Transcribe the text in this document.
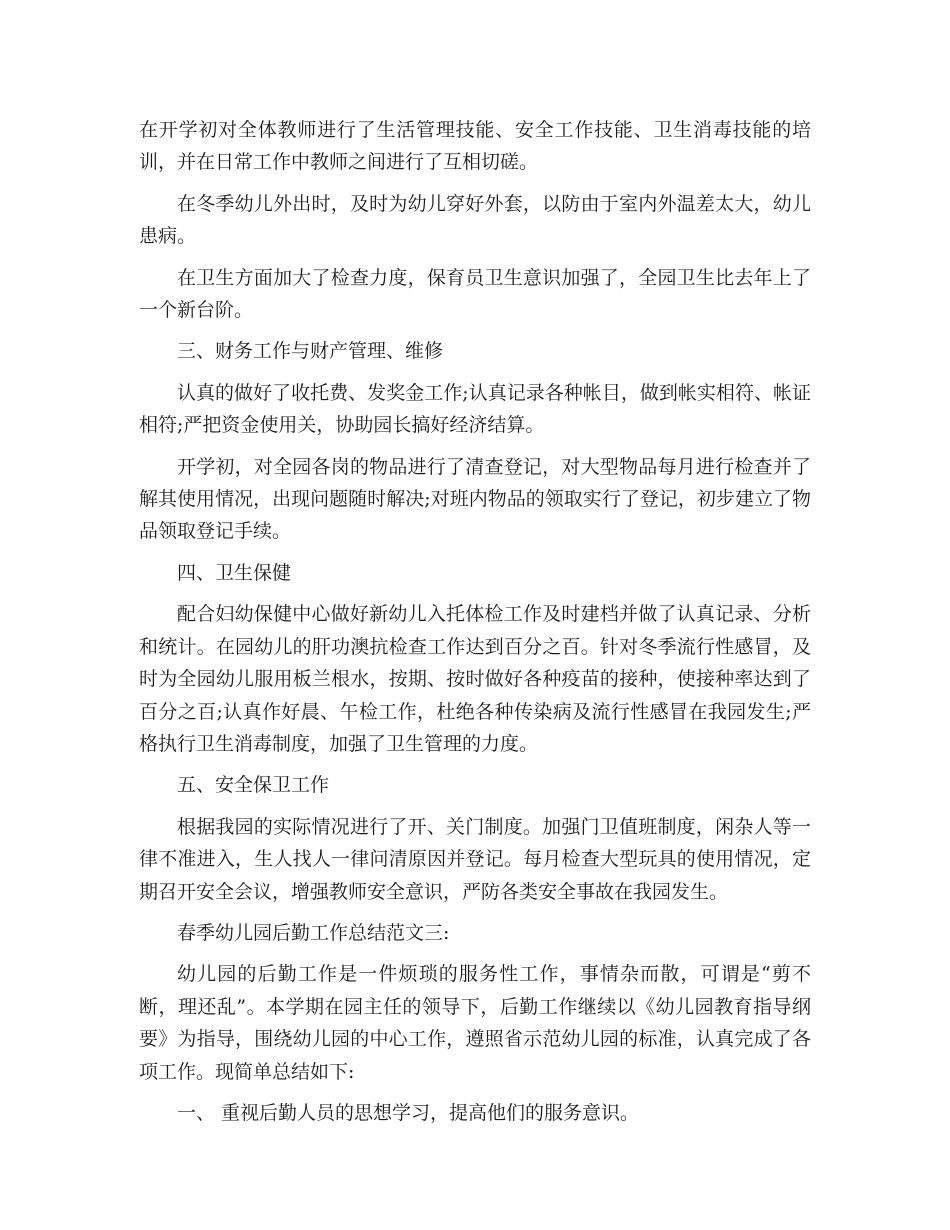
在开学初对全体教师进行了生活管理技能、安全工作技能、卫生消毒技能的培训，并在日常工作中教师之间进行了互相切磋。

在冬季幼儿外出时，及时为幼儿穿好外套，以防由于室内外温差太大，幼儿患病。

在卫生方面加大了检查力度，保育员卫生意识加强了，全园卫生比去年上了一个新台阶。

三、财务工作与财产管理、维修

认真的做好了收托费、发奖金工作;认真记录各种帐目，做到帐实相符、帐证相符;严把资金使用关，协助园长搞好经济结算。

开学初，对全园各岗的物品进行了清查登记，对大型物品每月进行检查并了解其使用情况，出现问题随时解决;对班内物品的领取实行了登记，初步建立了物品领取登记手续。

四、卫生保健

配合妇幼保健中心做好新幼儿入托体检工作及时建档并做了认真记录、分析和统计。在园幼儿的肝功澳抗检查工作达到百分之百。针对冬季流行性感冒，及时为全园幼儿服用板兰根水，按期、按时做好各种疫苗的接种，使接种率达到了百分之百;认真作好晨、午检工作，杜绝各种传染病及流行性感冒在我园发生;严格执行卫生消毒制度，加强了卫生管理的力度。

五、安全保卫工作

根据我园的实际情况进行了开、关门制度。加强门卫值班制度，闲杂人等一律不准进入，生人找人一律问清原因并登记。每月检查大型玩具的使用情况，定期召开安全会议，增强教师安全意识，严防各类安全事故在我园发生。

春季幼儿园后勤工作总结范文三:

幼儿园的后勤工作是一件烦琐的服务性工作，事情杂而散，可谓是“剪不断，理还乱”。本学期在园主任的领导下，后勤工作继续以《幼儿园教育指导纲要》为指导，围绕幼儿园的中心工作，遵照省示范幼儿园的标准，认真完成了各项工作。现简单总结如下:

一、 重视后勤人员的思想学习，提高他们的服务意识。
